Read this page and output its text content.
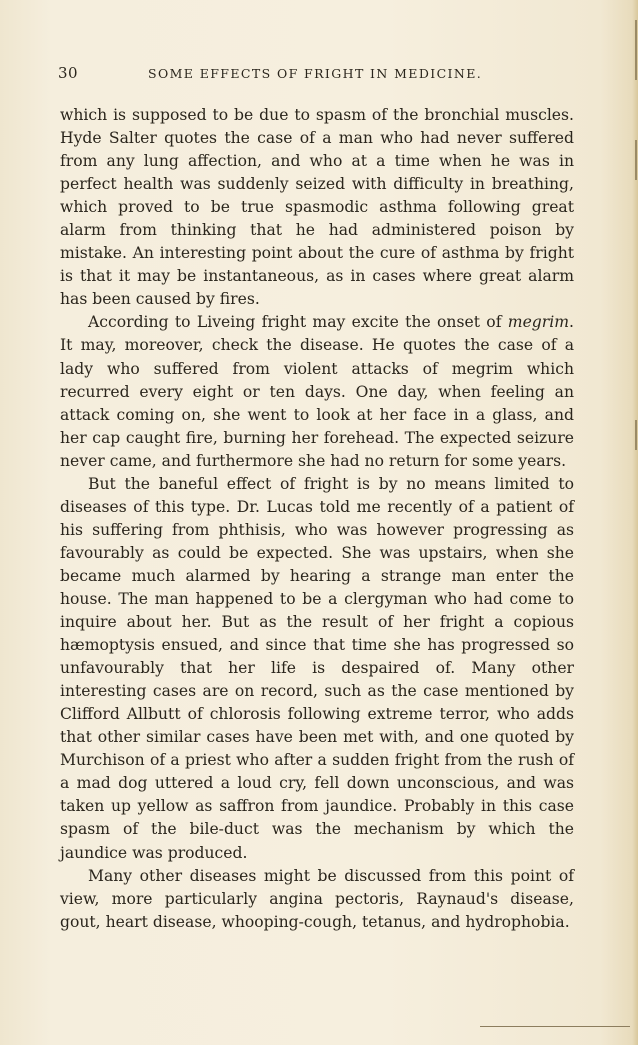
30	SOME EFFECTS OF FRIGHT IN MEDICINE.

which is supposed to be due to spasm of the bronchial muscles. Hyde Salter quotes the case of a man who had never suffered from any lung affection, and who at a time when he was in perfect health was suddenly seized with difficulty in breathing, which proved to be true spasmodic asthma following great alarm from thinking that he had administered poison by mistake. An interesting point about the cure of asthma by fright is that it may be instantaneous, as in cases where great alarm has been caused by fires.

According to Liveing fright may excite the onset of megrim. It may, moreover, check the disease. He quotes the case of a lady who suffered from violent attacks of megrim which recurred every eight or ten days. One day, when feeling an attack coming on, she went to look at her face in a glass, and her cap caught fire, burning her forehead. The expected seizure never came, and furthermore she had no return for some years.

But the baneful effect of fright is by no means limited to diseases of this type. Dr. Lucas told me recently of a patient of his suffering from phthisis, who was however progressing as favourably as could be expected. She was upstairs, when she became much alarmed by hearing a strange man enter the house. The man happened to be a clergyman who had come to inquire about her. But as the result of her fright a copious hæmoptysis ensued, and since that time she has progressed so unfavourably that her life is despaired of. Many other interesting cases are on record, such as the case mentioned by Clifford Allbutt of chlorosis following extreme terror, who adds that other similar cases have been met with, and one quoted by Murchison of a priest who after a sudden fright from the rush of a mad dog uttered a loud cry, fell down unconscious, and was taken up yellow as saffron from jaundice. Probably in this case spasm of the bile-duct was the mechanism by which the jaundice was produced.

Many other diseases might be discussed from this point of view, more particularly angina pectoris, Raynaud's disease, gout, heart disease, whooping-cough, tetanus, and hydrophobia.
